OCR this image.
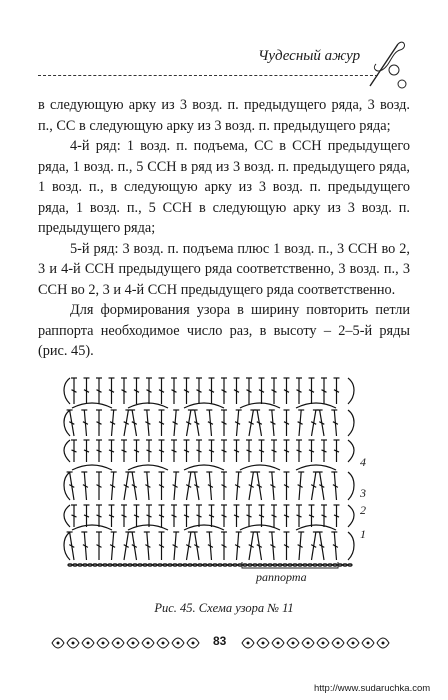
Чудесный ажур

в следующую арку из 3 возд. п. предыдущего ряда, 3 возд. п., СС в следующую арку из 3 возд. п. предыдущего ряда;

4-й ряд: 1 возд. п. подъема, СС в ССН предыдущего ряда, 1 возд. п., 5 ССН в ряд из 3 возд. п. предыдущего ряда, 1 возд. п., в следующую арку из 3 возд. п. предыдущего ряда, 1 возд. п., 5 ССН в следующую арку из 3 возд. п. предыдущего ряда;

5-й ряд: 3 возд. п. подъема плюс 1 возд. п., 3 ССН во 2, 3 и 4-й ССН предыдущего ряда соответственно, 3 возд. п., 3 ССН во 2, 3 и 4-й ССН предыдущего ряда соответственно.

Для формирования узора в ширину повторить петли раппорта необходимое число раз, в высоту – 2–5-й ряды (рис. 45).

4
3
2
1
раппорта
Рис. 45. Схема узора № 11
83
http://www.sudaruchka.com
